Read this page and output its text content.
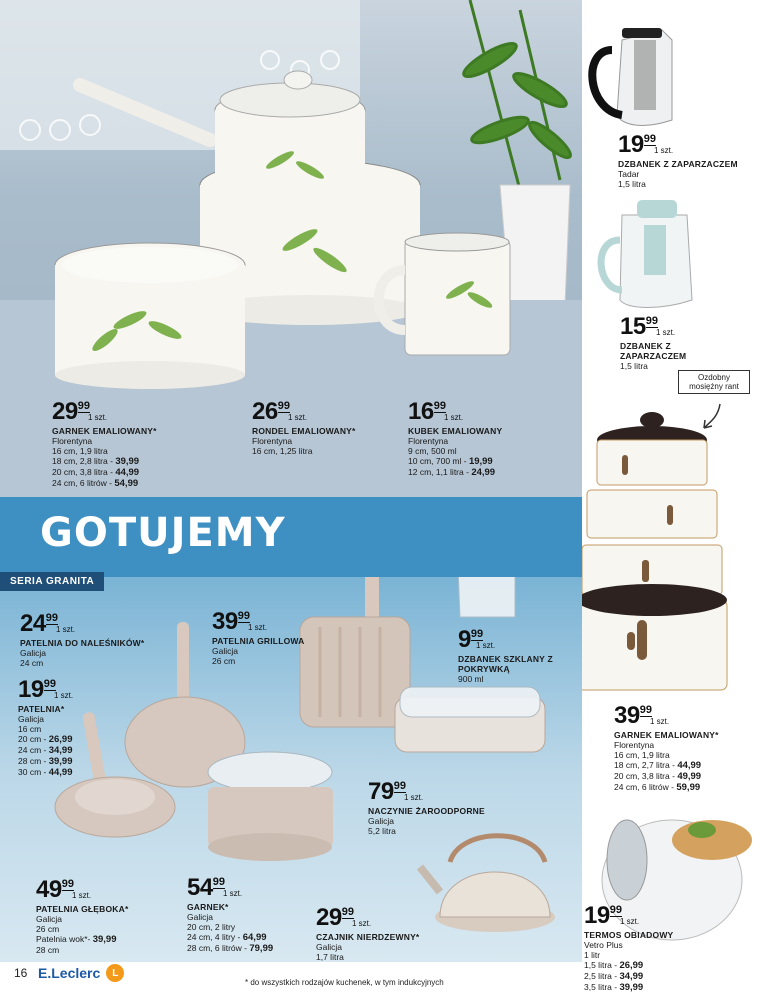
GOTUJEMY
SERIA GRANITA
Ozdobny mosiężny rant
2999
1 szt.
GARNEK EMALIOWANY*
Florentyna
16 cm, 1,9 litra
18 cm, 2,8 litra - 39,99
20 cm, 3,8 litra - 44,99
24 cm, 6 litrów - 54,99
2699
1 szt.
RONDEL EMALIOWANY*
Florentyna
16 cm, 1,25 litra
1699
1 szt.
KUBEK EMALIOWANY
Florentyna
9 cm, 500 ml
10 cm, 700 ml - 19,99
12 cm, 1,1 litra - 24,99
1999
1 szt.
DZBANEK Z ZAPARZACZEM
Tadar
1,5 litra
1599
1 szt.
DZBANEK Z ZAPARZACZEM
1,5 litra
2499
1 szt.
PATELNIA DO NALEŚNIKÓW*
Galicja
24 cm
3999
1 szt.
PATELNIA GRILLOWA
Galicja
26 cm
999
1 szt.
DZBANEK SZKLANY Z POKRYWKĄ
900 ml
1999
1 szt.
PATELNIA*
Galicja
16 cm
20 cm - 26,99
24 cm - 34,99
28 cm - 39,99
30 cm - 44,99
3999
1 szt.
GARNEK EMALIOWANY*
Florentyna
16 cm, 1,9 litra
18 cm, 2,7 litra - 44,99
20 cm, 3,8 litra - 49,99
24 cm, 6 litrów - 59,99
7999
1 szt.
NACZYNIE ŻAROODPORNE
Galicja
5,2 litra
4999
1 szt.
PATELNIA GŁĘBOKA*
Galicja
26 cm
Patelnia wok*- 39,99
28 cm
5499
1 szt.
GARNEK*
Galicja
20 cm, 2 litry
24 cm, 4 litry - 64,99
28 cm, 6 litrów - 79,99
2999
1 szt.
CZAJNIK NIERDZEWNY*
Galicja
1,7 litra
1999
1 szt.
TERMOS OBIADOWY
Vetro Plus
1 litr
1,5 litra - 26,99
2,5 litra - 34,99
3,5 litra - 39,99
16 E.Leclerc	L
* do wszystkich rodzajów kuchenek, w tym indukcyjnych
